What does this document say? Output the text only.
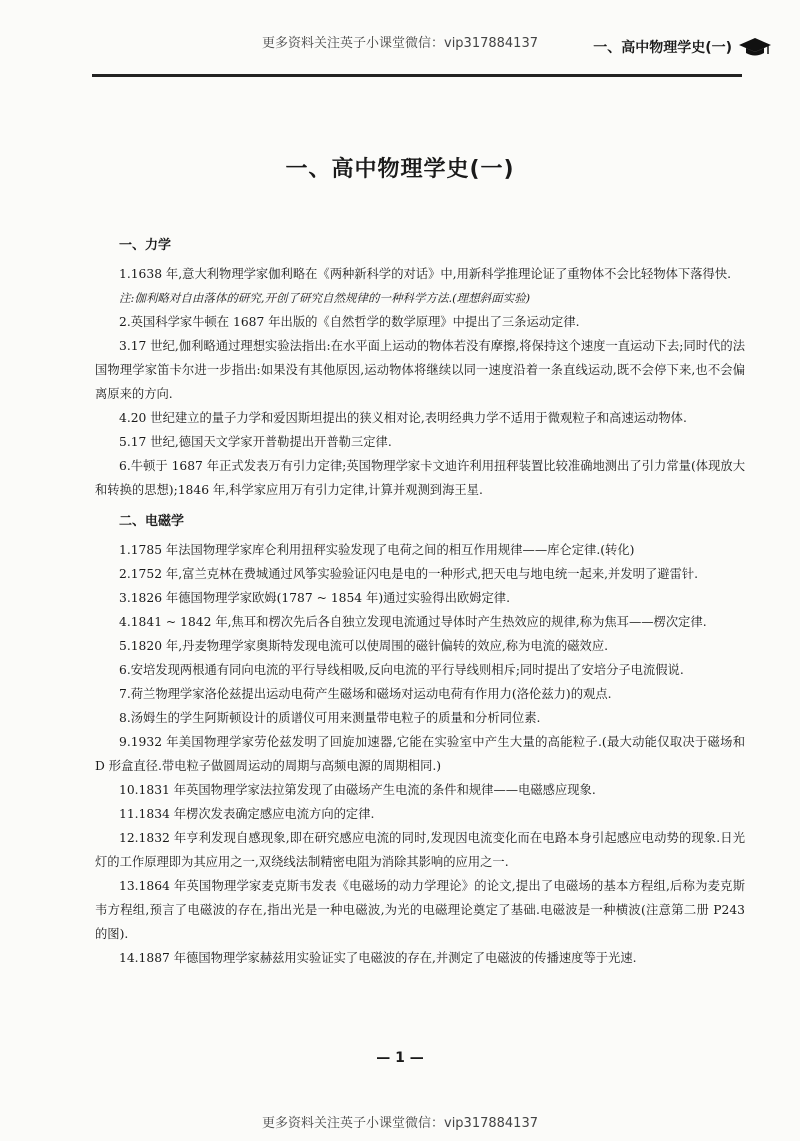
更多资料关注英子小课堂微信：vip317884137	一、高中物理学史(一)
一、高中物理学史(一)

一、力学

1.1638 年,意大利物理学家伽利略在《两种新科学的对话》中,用新科学推理论证了重物体不会比轻物体下落得快.

注:伽利略对自由落体的研究,开创了研究自然规律的一种科学方法.(理想斜面实验)

2.英国科学家牛顿在 1687 年出版的《自然哲学的数学原理》中提出了三条运动定律.

3.17 世纪,伽利略通过理想实验法指出:在水平面上运动的物体若没有摩擦,将保持这个速度一直运动下去;同时代的法国物理学家笛卡尔进一步指出:如果没有其他原因,运动物体将继续以同一速度沿着一条直线运动,既不会停下来,也不会偏离原来的方向.

4.20 世纪建立的量子力学和爱因斯坦提出的狭义相对论,表明经典力学不适用于微观粒子和高速运动物体.

5.17 世纪,德国天文学家开普勒提出开普勒三定律.

6.牛顿于 1687 年正式发表万有引力定律;英国物理学家卡文迪许利用扭秤装置比较准确地测出了引力常量(体现放大和转换的思想);1846 年,科学家应用万有引力定律,计算并观测到海王星.

二、电磁学

1.1785 年法国物理学家库仑利用扭秤实验发现了电荷之间的相互作用规律——库仑定律.(转化)

2.1752 年,富兰克林在费城通过风筝实验验证闪电是电的一种形式,把天电与地电统一起来,并发明了避雷针.

3.1826 年德国物理学家欧姆(1787 ~ 1854 年)通过实验得出欧姆定律.

4.1841 ~ 1842 年,焦耳和楞次先后各自独立发现电流通过导体时产生热效应的规律,称为焦耳——楞次定律.

5.1820 年,丹麦物理学家奥斯特发现电流可以使周围的磁针偏转的效应,称为电流的磁效应.

6.安培发现两根通有同向电流的平行导线相吸,反向电流的平行导线则相斥;同时提出了安培分子电流假说.

7.荷兰物理学家洛伦兹提出运动电荷产生磁场和磁场对运动电荷有作用力(洛伦兹力)的观点.

8.汤姆生的学生阿斯顿设计的质谱仪可用来测量带电粒子的质量和分析同位素.

9.1932 年美国物理学家劳伦兹发明了回旋加速器,它能在实验室中产生大量的高能粒子.(最大动能仅取决于磁场和 D 形盒直径.带电粒子做圆周运动的周期与高频电源的周期相同.)

10.1831 年英国物理学家法拉第发现了由磁场产生电流的条件和规律——电磁感应现象.

11.1834 年楞次发表确定感应电流方向的定律.

12.1832 年亨利发现自感现象,即在研究感应电流的同时,发现因电流变化而在电路本身引起感应电动势的现象.日光灯的工作原理即为其应用之一,双绕线法制精密电阻为消除其影响的应用之一.

13.1864 年英国物理学家麦克斯韦发表《电磁场的动力学理论》的论文,提出了电磁场的基本方程组,后称为麦克斯韦方程组,预言了电磁波的存在,指出光是一种电磁波,为光的电磁理论奠定了基础.电磁波是一种横波(注意第二册 P243 的图).

14.1887 年德国物理学家赫兹用实验证实了电磁波的存在,并测定了电磁波的传播速度等于光速.

— 1 —
更多资料关注英子小课堂微信：vip317884137
